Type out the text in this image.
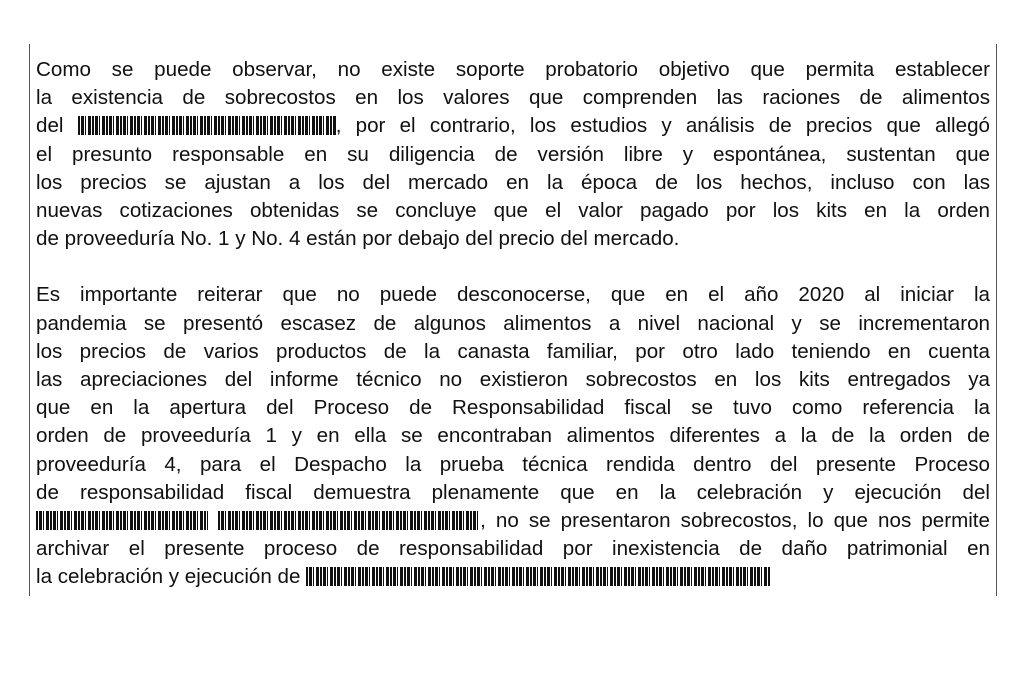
Como se puede observar, no existe soporte probatorio objetivo que permita establecer
la existencia de sobrecostos en los valores que comprenden las raciones de alimentos
del	, por el contrario, los estudios y análisis de precios que allegó
el presunto responsable en su diligencia de versión libre y espontánea, sustentan que
los precios se ajustan a los del mercado en la época de los hechos, incluso con las
nuevas cotizaciones obtenidas se concluye que el valor pagado por los kits en la orden
de proveeduría No. 1 y No. 4 están por debajo del precio del mercado.
Es importante reiterar que no puede desconocerse, que en el año 2020 al iniciar la
pandemia se presentó escasez de algunos alimentos a nivel nacional y se incrementaron
los precios de varios productos de la canasta familiar, por otro lado teniendo en cuenta
las apreciaciones del informe técnico no existieron sobrecostos en los kits entregados ya
que en la apertura del Proceso de Responsabilidad fiscal se tuvo como referencia la
orden de proveeduría 1 y en ella se encontraban alimentos diferentes a la de la orden de
proveeduría 4, para el Despacho la prueba técnica rendida dentro del presente Proceso
de responsabilidad fiscal demuestra plenamente que en la celebración y ejecución del
, no se presentaron sobrecostos, lo que nos permite
archivar el presente proceso de responsabilidad por inexistencia de daño patrimonial en
la celebración y ejecución de
